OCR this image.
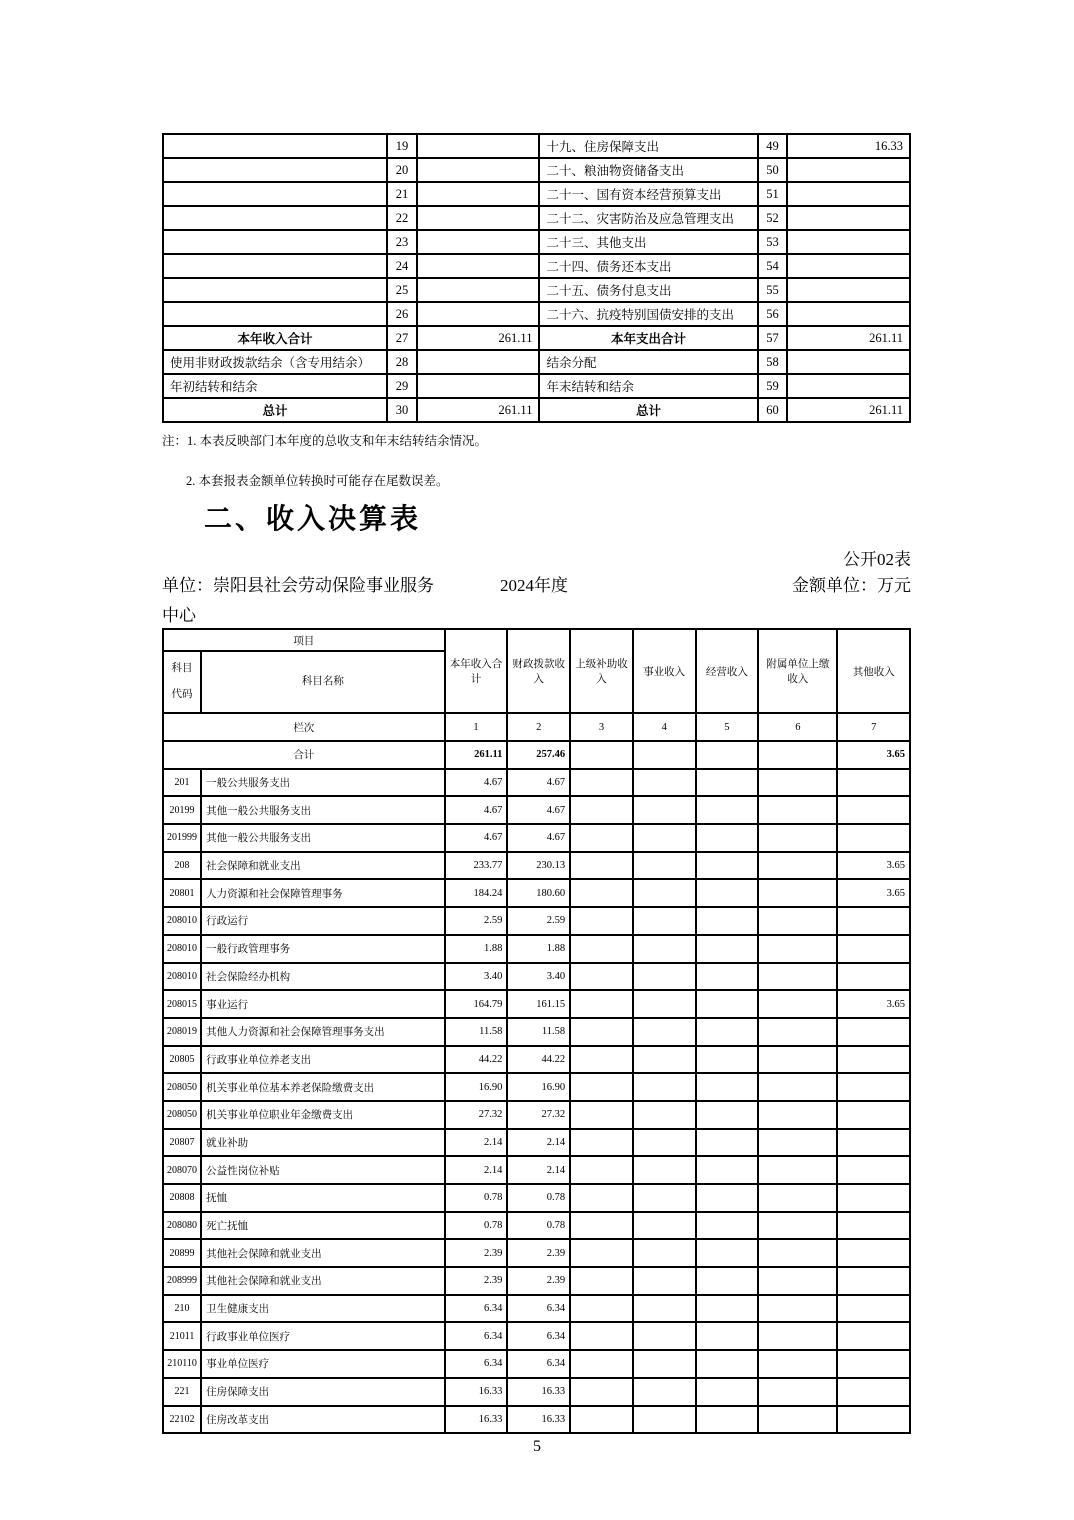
	19		十九、住房保障支出	49	16.33
	20		二十、粮油物资储备支出	50	
	21		二十一、国有资本经营预算支出	51	
	22		二十二、灾害防治及应急管理支出	52	
	23		二十三、其他支出	53	
	24		二十四、债务还本支出	54	
	25		二十五、债务付息支出	55	
	26		二十六、抗疫特别国债安排的支出	56	
本年收入合计	27	261.11	本年支出合计	57	261.11
使用非财政拨款结余（含专用结余）	28		结余分配	58	
年初结转和结余	29		年末结转和结余	59	
总计	30	261.11	总计	60	261.11
注：1. 本表反映部门本年度的总收支和年末结转结余情况。
2. 本套报表金额单位转换时可能存在尾数误差。
二、收入决算表
公开02表
单位：崇阳县社会劳动保险事业服务中心
2024年度	金额单位：万元
项目		本年收入合计	财政拨款收入	上级补助收入	事业收入	经营收入	附属单位上缴收入	其他收入
科目代码	科目名称							
栏次		1	2	3	4	5	6	7
合计		261.11	257.46					3.65
201	一般公共服务支出	4.67	4.67					
20199	其他一般公共服务支出	4.67	4.67					
201999	其他一般公共服务支出	4.67	4.67					
208	社会保障和就业支出	233.77	230.13					3.65
20801	人力资源和社会保障管理事务	184.24	180.60					3.65
208010	行政运行	2.59	2.59					
208010	一般行政管理事务	1.88	1.88					
208010	社会保险经办机构	3.40	3.40					
208015	事业运行	164.79	161.15					3.65
208019	其他人力资源和社会保障管理事务支出	11.58	11.58					
20805	行政事业单位养老支出	44.22	44.22					
208050	机关事业单位基本养老保险缴费支出	16.90	16.90					
208050	机关事业单位职业年金缴费支出	27.32	27.32					
20807	就业补助	2.14	2.14					
208070	公益性岗位补贴	2.14	2.14					
20808	抚恤	0.78	0.78					
208080	死亡抚恤	0.78	0.78					
20899	其他社会保障和就业支出	2.39	2.39					
208999	其他社会保障和就业支出	2.39	2.39					
210	卫生健康支出	6.34	6.34					
21011	行政事业单位医疗	6.34	6.34					
210110	事业单位医疗	6.34	6.34					
221	住房保障支出	16.33	16.33					
22102	住房改革支出	16.33	16.33					
5
